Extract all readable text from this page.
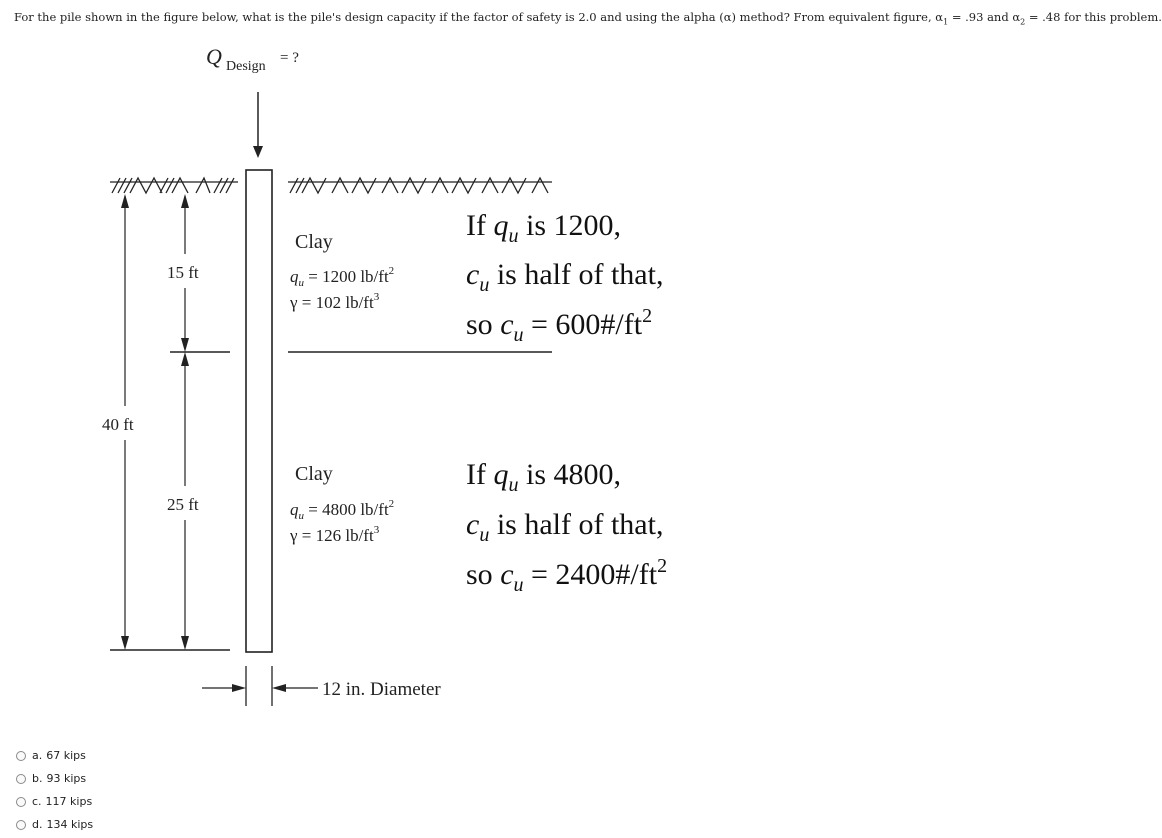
For the pile shown in the figure below, what is the pile's design capacity if the factor of safety is 2.0 and using the alpha (α) method? From equivalent figure, $\alpha_1 = .93$ and $\alpha_2 = .48$ for this problem.
Q Design
= ?
40 ft
15 ft
25 ft
12 in. Diameter
Clay
$q_u = 1200$ $lb/ft^2$
γ = 102 $lb/ft^3$
Clay
$q_u = 4800$ $lb/ft^2$
γ = 126 $lb/ft^3$
If $q_u$ is 1200,
$c_u$ is half of that,
so $c_u$ = $600\#/ft^2$
If $q_u$ is 4800,
$c_u$ is half of that,
so $c_u$ = $2400\#/ft^2$
a. 67 kips
b. 93 kips
c. 117 kips
d. 134 kips
